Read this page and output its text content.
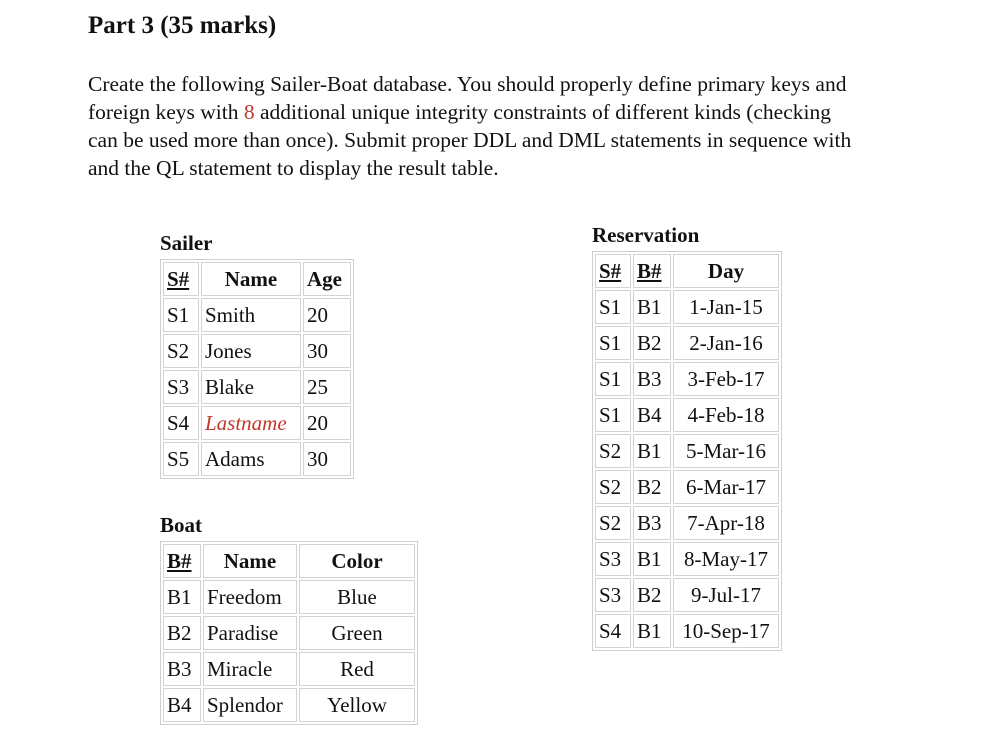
Part 3 (35 marks)
Create the following Sailer-Boat database. You should properly define primary keys and
foreign keys with 8 additional unique integrity constraints of different kinds (checking
can be used more than once). Submit proper DDL and DML statements in sequence with
and the QL statement to display the result table.
Sailer
S#	Name	Age
S1	Smith	20
S2	Jones	30
S3	Blake	25
S4	Lastname	20
S5	Adams	30
Boat
B#	Name	Color
B1	Freedom	Blue
B2	Paradise	Green
B3	Miracle	Red
B4	Splendor	Yellow
Reservation
S#	B#	Day
S1	B1	1-Jan-15
S1	B2	2-Jan-16
S1	B3	3-Feb-17
S1	B4	4-Feb-18
S2	B1	5-Mar-16
S2	B2	6-Mar-17
S2	B3	7-Apr-18
S3	B1	8-May-17
S3	B2	9-Jul-17
S4	B1	10-Sep-17
